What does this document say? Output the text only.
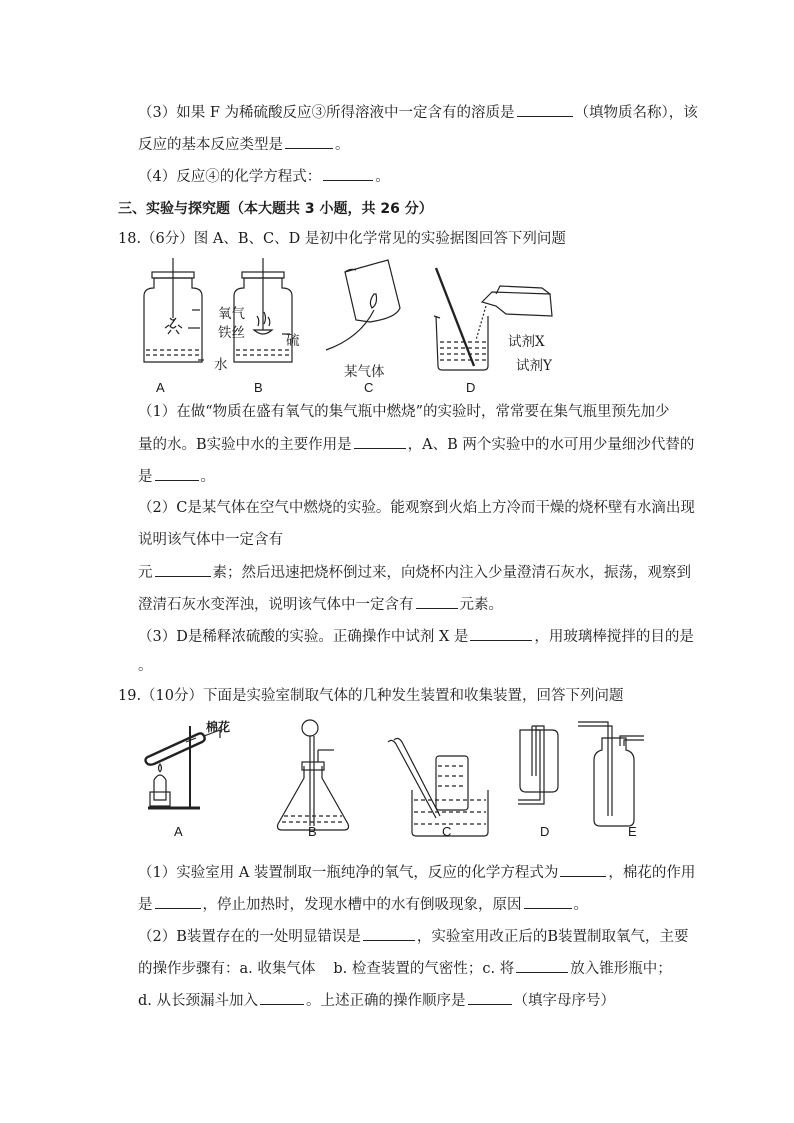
（3）如果 F 为稀硫酸反应③所得溶液中一定含有的溶质是	（填物质名称），该
反应的基本反应类型是	。
（4）反应④的化学方程式：	。
三、实验与探究题（本大题共 3 小题，共 26 分）
18.（6分）图 A、B、C、D 是初中化学常见的实验据图回答下列问题
氧气
铁丝
水
硫
某气体
试剂X
试剂Y
A	B	C	D
（1）在做“物质在盛有氧气的集气瓶中燃烧”的实验时，常常要在集气瓶里预先加少
量的水。B实验中水的主要作用是	，A、B 两个实验中的水可用少量细沙代替的
是	。
（2）C是某气体在空气中燃烧的实验。能观察到火焰上方冷而干燥的烧杯壁有水滴出现
说明该气体中一定含有
元	素；然后迅速把烧杯倒过来，向烧杯内注入少量澄清石灰水，振荡，观察到
澄清石灰水变浑浊，说明该气体中一定含有	元素。
（3）D是稀释浓硫酸的实验。正确操作中试剂 X 是	，用玻璃棒搅拌的目的是
。
19.（10分）下面是实验室制取气体的几种发生装置和收集装置，回答下列问题
棉花
A	B	C	D	E
（1）实验室用 A 装置制取一瓶纯净的氧气，反应的化学方程式为	，棉花的作用
是	，停止加热时，发现水槽中的水有倒吸现象，原因	。
（2）B装置存在的一处明显错误是	，实验室用改正后的B装置制取氧气，主要
的操作步骤有：a. 收集气体 b. 检查装置的气密性；c. 将	放入锥形瓶中；
d. 从长颈漏斗加入	。上述正确的操作顺序是	（填字母序号）
